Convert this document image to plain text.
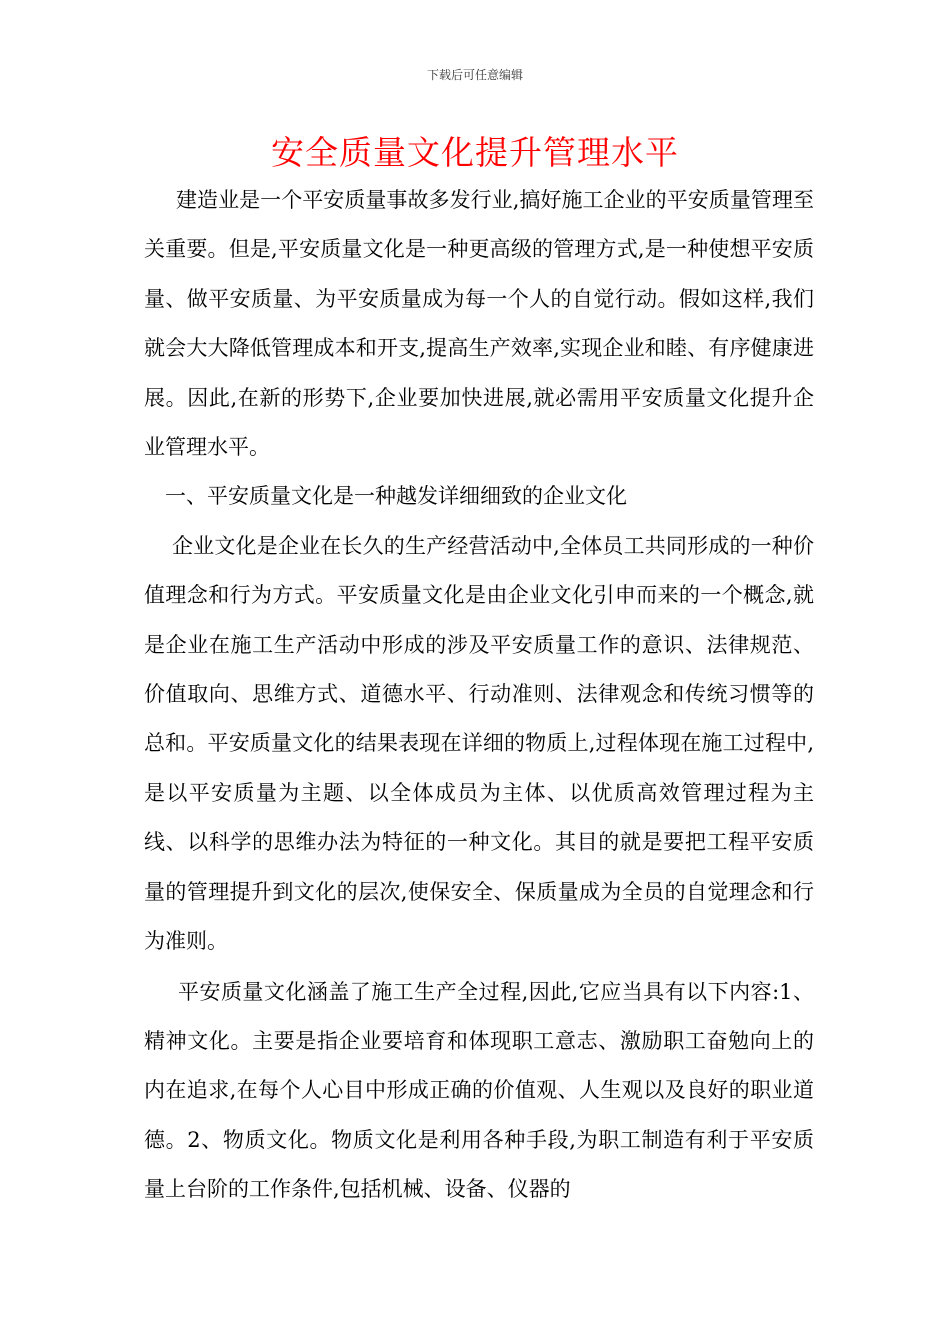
下载后可任意编辑
安全质量文化提升管理水平

建造业是一个平安质量事故多发行业,搞好施工企业的平安质量管理至关重要。但是,平安质量文化是一种更高级的管理方式,是一种使想平安质量、做平安质量、为平安质量成为每一个人的自觉行动。假如这样,我们就会大大降低管理成本和开支,提高生产效率,实现企业和睦、有序健康进展。因此,在新的形势下,企业要加快进展,就必需用平安质量文化提升企业管理水平。

一、平安质量文化是一种越发详细细致的企业文化

企业文化是企业在长久的生产经营活动中,全体员工共同形成的一种价值理念和行为方式。平安质量文化是由企业文化引申而来的一个概念,就是企业在施工生产活动中形成的涉及平安质量工作的意识、法律规范、价值取向、思维方式、道德水平、行动准则、法律观念和传统习惯等的总和。平安质量文化的结果表现在详细的物质上,过程体现在施工过程中,是以平安质量为主题、以全体成员为主体、以优质高效管理过程为主线、以科学的思维办法为特征的一种文化。其目的就是要把工程平安质量的管理提升到文化的层次,使保安全、保质量成为全员的自觉理念和行为准则。

平安质量文化涵盖了施工生产全过程,因此,它应当具有以下内容:1、精神文化。主要是指企业要培育和体现职工意志、激励职工奋勉向上的内在追求,在每个人心目中形成正确的价值观、人生观以及良好的职业道德。2、物质文化。物质文化是利用各种手段,为职工制造有利于平安质量上台阶的工作条件,包括机械、设备、仪器的
